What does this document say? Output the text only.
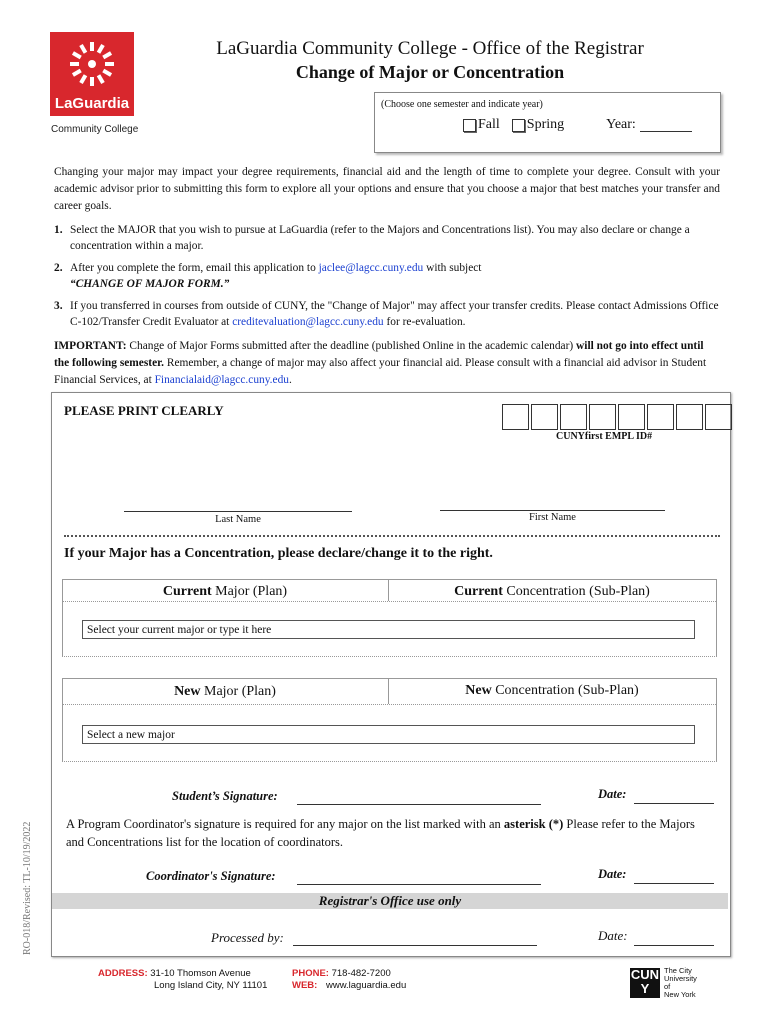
LaGuardia
Community College
LaGuardia Community College - Office of the Registrar
Change of Major or Concentration
(Choose one semester and indicate year)
Fall Spring	Year:
Changing your major may impact your degree requirements, financial aid and the length of time to complete your degree. Consult with your academic advisor prior to submitting this form to explore all your options and ensure that you choose a major that best matches your transfer and career goals.
1. Select the MAJOR that you wish to pursue at LaGuardia (refer to the Majors and Concentrations list). You may also declare or change a concentration within a major.
2. After you complete the form, email this application to jaclee@lagcc.cuny.edu with subject
“CHANGE OF MAJOR FORM.”
3. If you transferred in courses from outside of CUNY, the "Change of Major" may affect your transfer credits. Please contact Admissions Office C-102/Transfer Credit Evaluator at creditevaluation@lagcc.cuny.edu for re-evaluation.
IMPORTANT: Change of Major Forms submitted after the deadline (published Online in the academic calendar) will not go into effect until the following semester. Remember, a change of major may also affect your financial aid. Please consult with a financial aid advisor in Student Financial Services, at Financialaid@lagcc.cuny.edu.
PLEASE PRINT CLEARLY
CUNYfirst EMPL ID#
Last Name	First Name
If your Major has a Concentration, please declare/change it to the right.
Current Major (Plan)	Current Concentration (Sub-Plan)
Select your current major or type it here
New Major (Plan)	New Concentration (Sub-Plan)
Select a new major
Student’s Signature:	Date:
A Program Coordinator's signature is required for any major on the list marked with an asterisk (*) Please refer to the Majors and Concentrations list for the location of coordinators.
Coordinator's Signature:	Date:
Registrar's Office use only
Processed by:	Date:
RO-018/Revised: TL-10/19/2022
ADDRESS: 31-10 Thomson Avenue
Long Island City, NY 11101
PHONE: 718-482-7200
WEB: www.laguardia.edu
CUNY
The City
University
of
New York
